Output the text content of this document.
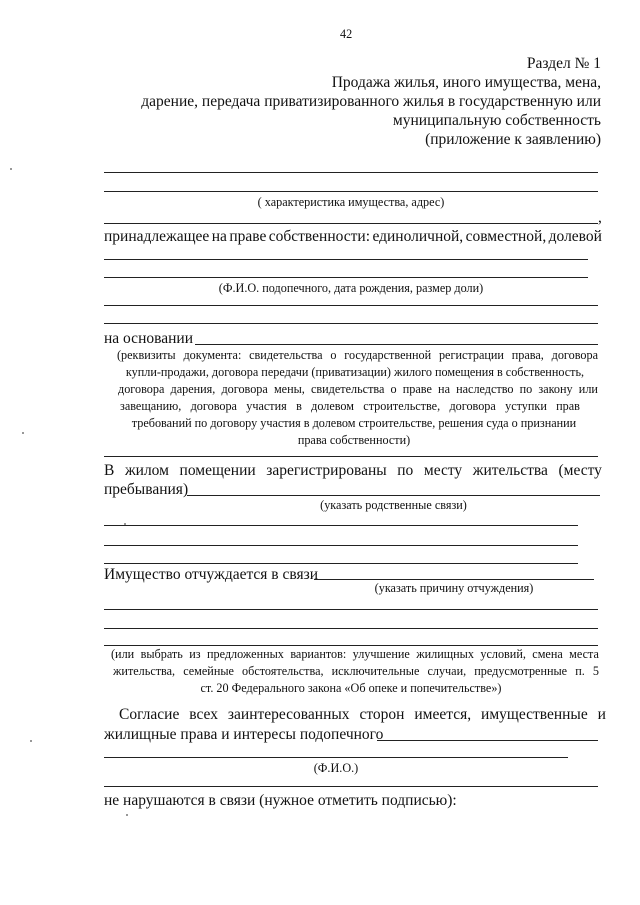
42
Раздел № 1
Продажа жилья, иного имущества, мена,
дарение, передача приватизированного жилья в государственную или
муниципальную собственность
(приложение к заявлению)
( характеристика имущества, адрес)
,
принадлежащее на праве собственности: единоличной, совместной, долевой
(Ф.И.О. подопечного, дата рождения, размер доли)
на основании
(реквизиты документа: свидетельства о государственной регистрации права, договора
купли-продажи, договора передачи (приватизации) жилого помещения в собственность,
договора дарения, договора мены, свидетельства о праве на наследство по закону или
завещанию, договора участия в долевом строительстве, договора уступки прав
требований по договору участия в долевом строительстве, решения суда о признании
права собственности)
В жилом помещении зарегистрированы по месту жительства (месту
пребывания)
(указать родственные связи)
Имущество отчуждается в связи
(указать причину отчуждения)
(или выбрать из предложенных вариантов: улучшение жилищных условий, смена места
жительства, семейные обстоятельства, исключительные случаи, предусмотренные п. 5
ст. 20 Федерального закона «Об опеке и попечительстве»)
Согласие всех заинтересованных сторон имеется, имущественные и
жилищные права и интересы подопечного
(Ф.И.О.)
не нарушаются в связи (нужное отметить подписью):
